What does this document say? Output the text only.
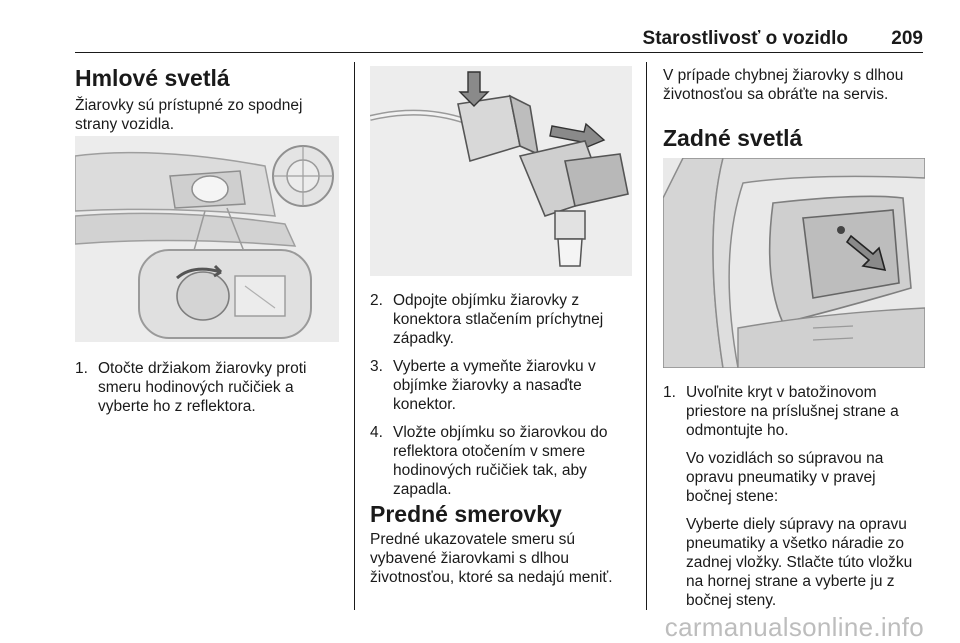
Starostlivosť o vozidlo 209
Hmlové svetlá

Žiarovky sú prístupné zo spodnej strany vozidla.

1. Otočte držiakom žiarovky proti
smeru hodinových ručičiek a
vyberte ho z reflektora.
2. Odpojte objímku žiarovky z
konektora stlačením príchytnej
západky.
3. Vyberte a vymeňte žiarovku v
objímke žiarovky a nasaďte
konektor.
4. Vložte objímku so žiarovkou do
reflektora otočením v smere
hodinových ručičiek tak, aby
zapadla.
Predné smerovky

Predné ukazovatele smeru sú
vybavené žiarovkami s dlhou
životnosťou, ktoré sa nedajú meniť.

V prípade chybnej žiarovky s dlhou
životnosťou sa obráťte na servis.

Zadné svetlá
1. Uvoľnite kryt v batožinovom
priestore na príslušnej strane a
odmontujte ho.
Vo vozidlách so súpravou na
opravu pneumatiky v pravej
bočnej stene:
Vyberte diely súpravy na opravu
pneumatiky a všetko náradie zo
zadnej vložky. Stlačte túto vložku
na hornej strane a vyberte ju z
bočnej steny.
carmanualsonline.info
